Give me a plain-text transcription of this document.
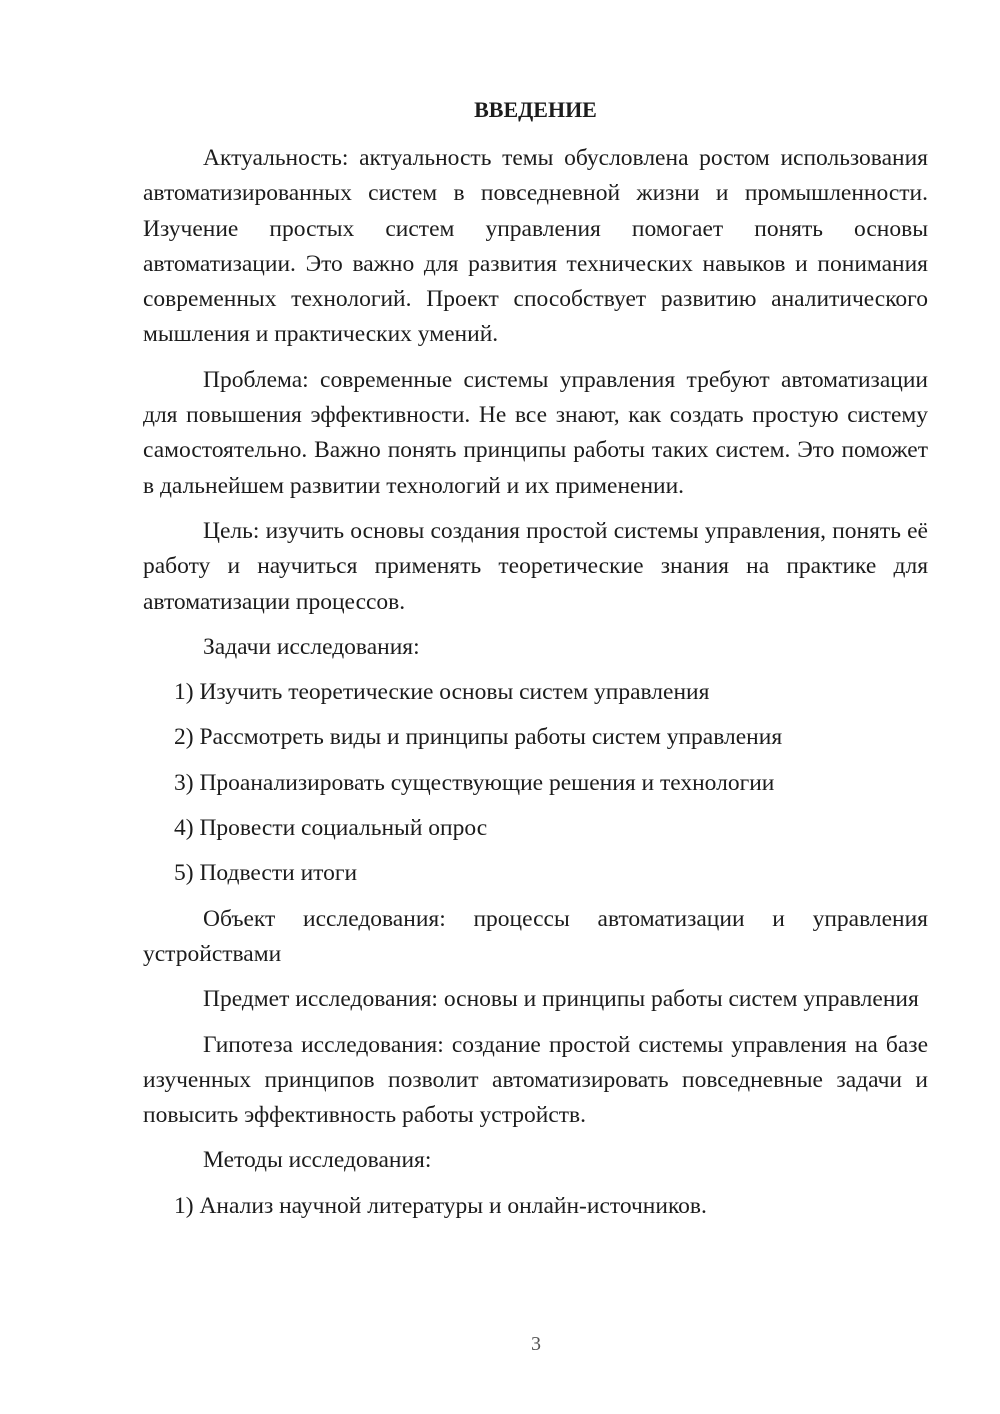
ВВЕДЕНИЕ

Актуальность: актуальность темы обусловлена ростом использования автоматизированных систем в повседневной жизни и промышленности. Изучение простых систем управления помогает понять основы автоматизации. Это важно для развития технических навыков и понимания современных технологий. Проект способствует развитию аналитического мышления и практических умений.

Проблема: современные системы управления требуют автоматизации для повышения эффективности. Не все знают, как создать простую систему самостоятельно. Важно понять принципы работы таких систем. Это поможет в дальнейшем развитии технологий и их применении.

Цель: изучить основы создания простой системы управления, понять её работу и научиться применять теоретические знания на практике для автоматизации процессов.

Задачи исследования:

1) Изучить теоретические основы систем управления
2) Рассмотреть виды и принципы работы систем управления
3) Проанализировать существующие решения и технологии
4) Провести социальный опрос
5) Подвести итоги

Объект исследования: процессы автоматизации и управления устройствами

Предмет исследования: основы и принципы работы систем управления

Гипотеза исследования: создание простой системы управления на базе изученных принципов позволит автоматизировать повседневные задачи и повысить эффективность работы устройств.

Методы исследования:

1) Анализ научной литературы и онлайн-источников.
3
